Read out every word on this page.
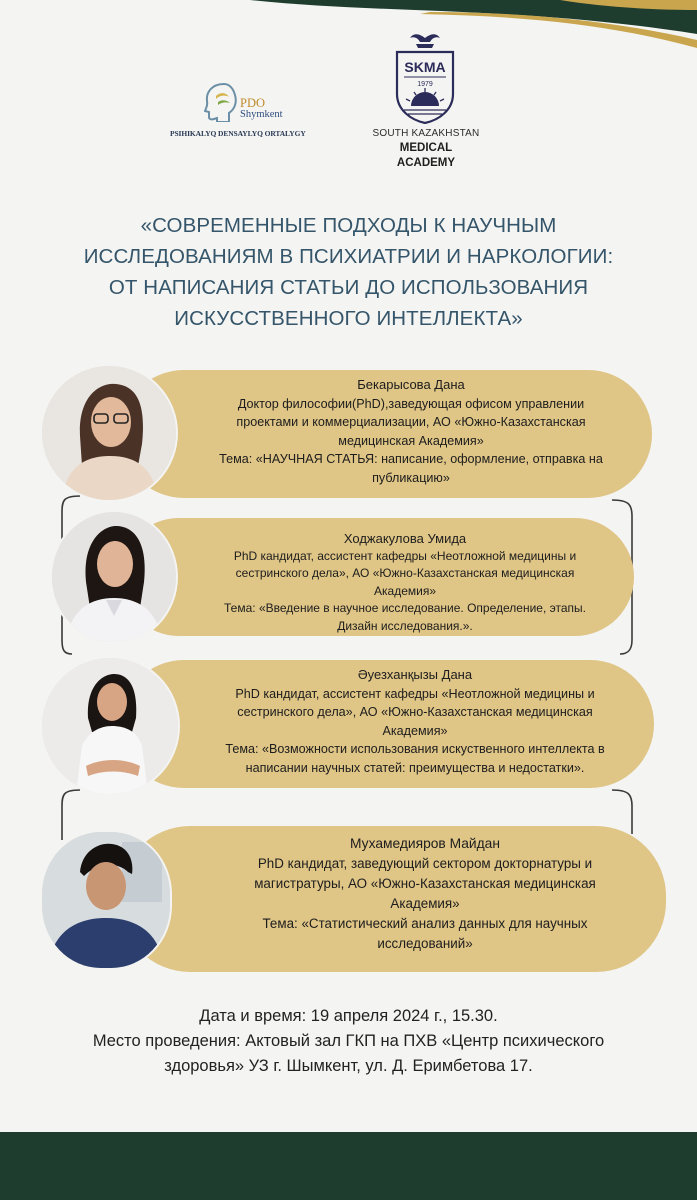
PDO
Shymkent
PSIHIKALYQ DENSAYLYQ ORTALYGY
SKMA
1979
SOUTH KAZAKHSTAN
MEDICAL
ACADEMY
«СОВРЕМЕННЫЕ ПОДХОДЫ К НАУЧНЫМ
ИССЛЕДОВАНИЯМ В ПСИХИАТРИИ И НАРКОЛОГИИ:
ОТ НАПИСАНИЯ СТАТЬИ ДО ИСПОЛЬЗОВАНИЯ
ИСКУССТВЕННОГО ИНТЕЛЛЕКТА»
Бекарысова Дана
Доктор философии(PhD),заведующая офисом управлении
проектами и коммерциализации, АО «Южно-Казахстанская
медицинская Академия»
Тема: «НАУЧНАЯ СТАТЬЯ: написание, оформление, отправка на
публикацию»
Ходжакулова Умида
PhD кандидат, ассистент кафедры «Неотложной медицины и
сестринского дела», АО «Южно-Казахстанская медицинская
Академия»
Тема: «Введение в научное исследование. Определение, этапы.
Дизайн исследования.».
Әуезханқызы Дана
PhD кандидат, ассистент кафедры «Неотложной медицины и
сестринского дела», АО «Южно-Казахстанская медицинская
Академия»
Тема: «Возможности использования искуственного интеллекта в
написании научных статей: преимущества и недостатки».
Мухамедияров Майдан
PhD кандидат, заведующий сектором докторнатуры и
магистратуры, АО «Южно-Казахстанская медицинская
Академия»
Тема: «Статистический анализ данных для научных
исследований»
Дата и время: 19 апреля 2024 г., 15.30.
Место проведения: Актовый зал ГКП на ПХВ «Центр психического
здоровья» УЗ г. Шымкент, ул. Д. Еримбетова 17.
